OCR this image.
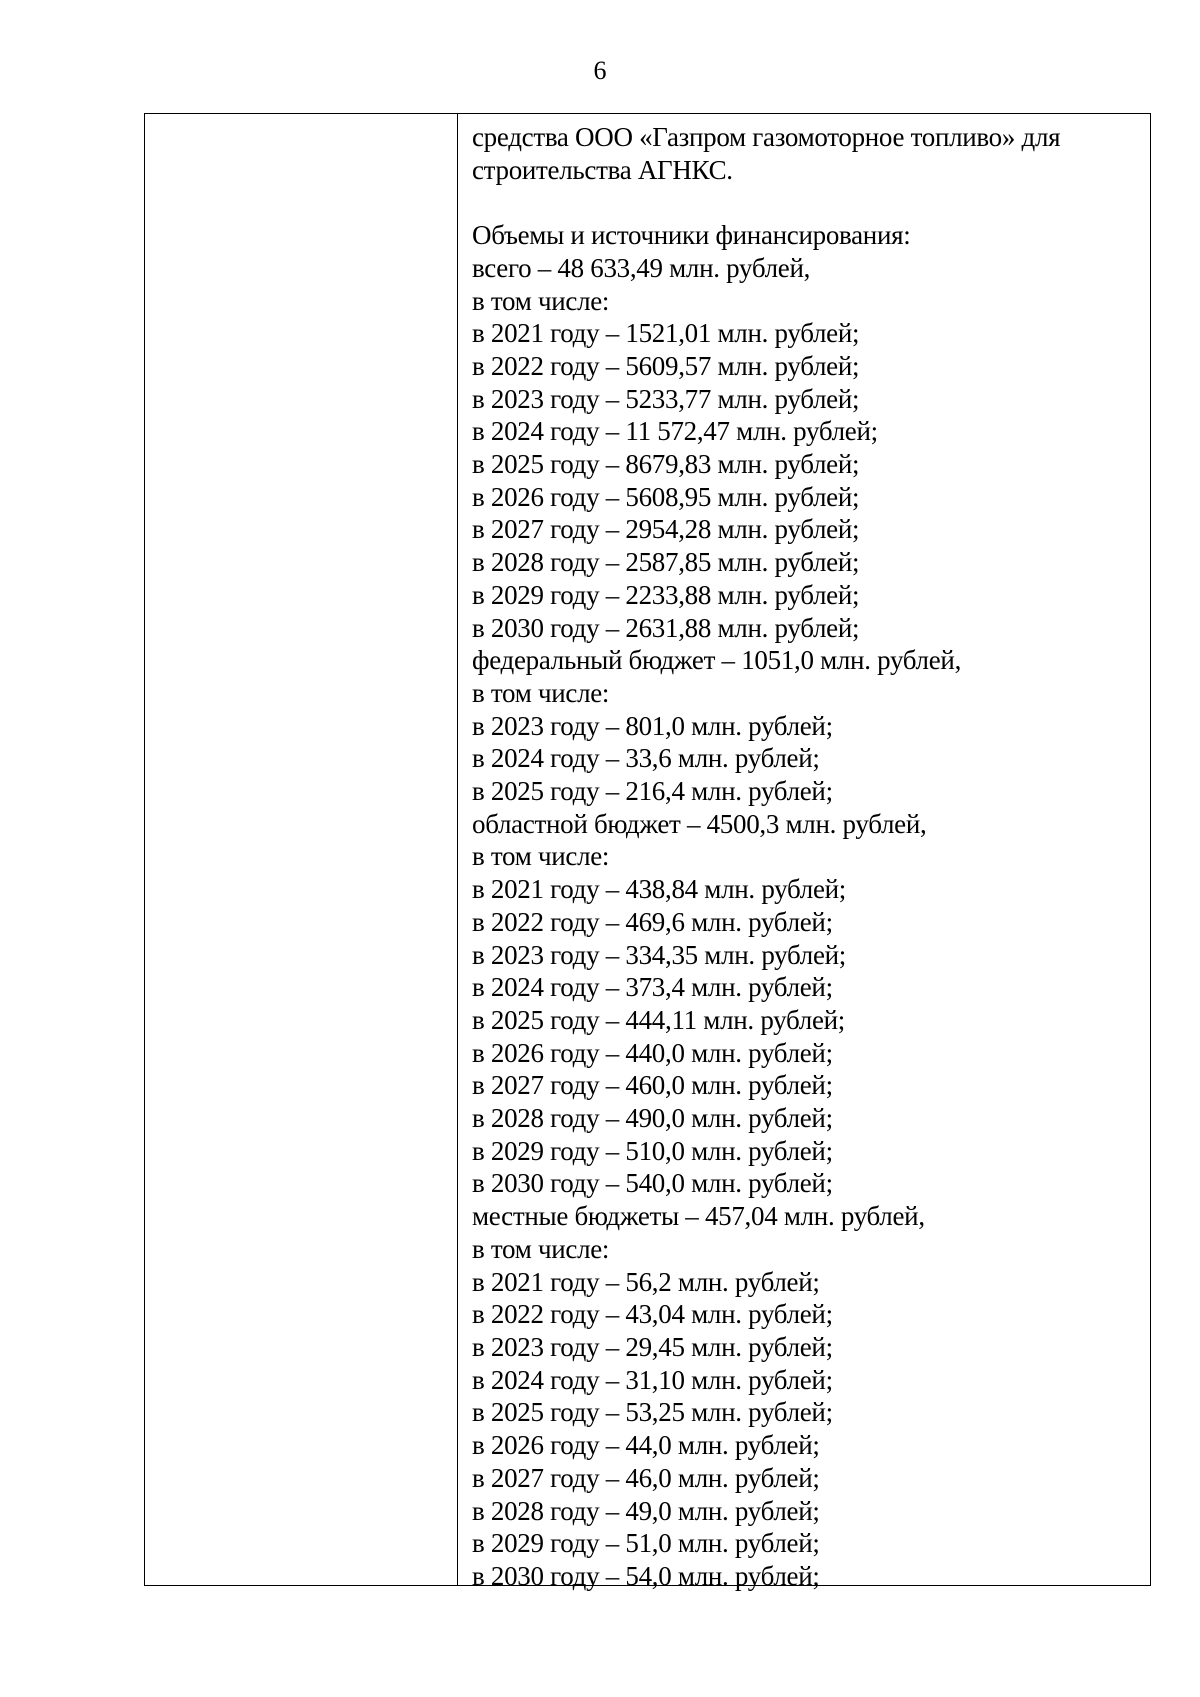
6
средства ООО «Газпром газомоторное топливо» для
строительства АГНКС.
Объемы и источники финансирования:
всего – 48 633,49 млн. рублей,
в том числе:
в 2021 году – 1521,01 млн. рублей;
в 2022 году – 5609,57 млн. рублей;
в 2023 году – 5233,77 млн. рублей;
в 2024 году – 11 572,47 млн. рублей;
в 2025 году – 8679,83 млн. рублей;
в 2026 году – 5608,95 млн. рублей;
в 2027 году – 2954,28 млн. рублей;
в 2028 году – 2587,85 млн. рублей;
в 2029 году – 2233,88 млн. рублей;
в 2030 году – 2631,88 млн. рублей;
федеральный бюджет – 1051,0 млн. рублей,
в том числе:
в 2023 году – 801,0 млн. рублей;
в 2024 году – 33,6 млн. рублей;
в 2025 году – 216,4 млн. рублей;
областной бюджет – 4500,3 млн. рублей,
в том числе:
в 2021 году – 438,84 млн. рублей;
в 2022 году – 469,6 млн. рублей;
в 2023 году – 334,35 млн. рублей;
в 2024 году – 373,4 млн. рублей;
в 2025 году – 444,11 млн. рублей;
в 2026 году – 440,0 млн. рублей;
в 2027 году – 460,0 млн. рублей;
в 2028 году – 490,0 млн. рублей;
в 2029 году – 510,0 млн. рублей;
в 2030 году – 540,0 млн. рублей;
местные бюджеты – 457,04 млн. рублей,
в том числе:
в 2021 году – 56,2 млн. рублей;
в 2022 году – 43,04 млн. рублей;
в 2023 году – 29,45 млн. рублей;
в 2024 году – 31,10 млн. рублей;
в 2025 году – 53,25 млн. рублей;
в 2026 году – 44,0 млн. рублей;
в 2027 году – 46,0 млн. рублей;
в 2028 году – 49,0 млн. рублей;
в 2029 году – 51,0 млн. рублей;
в 2030 году – 54,0 млн. рублей;
